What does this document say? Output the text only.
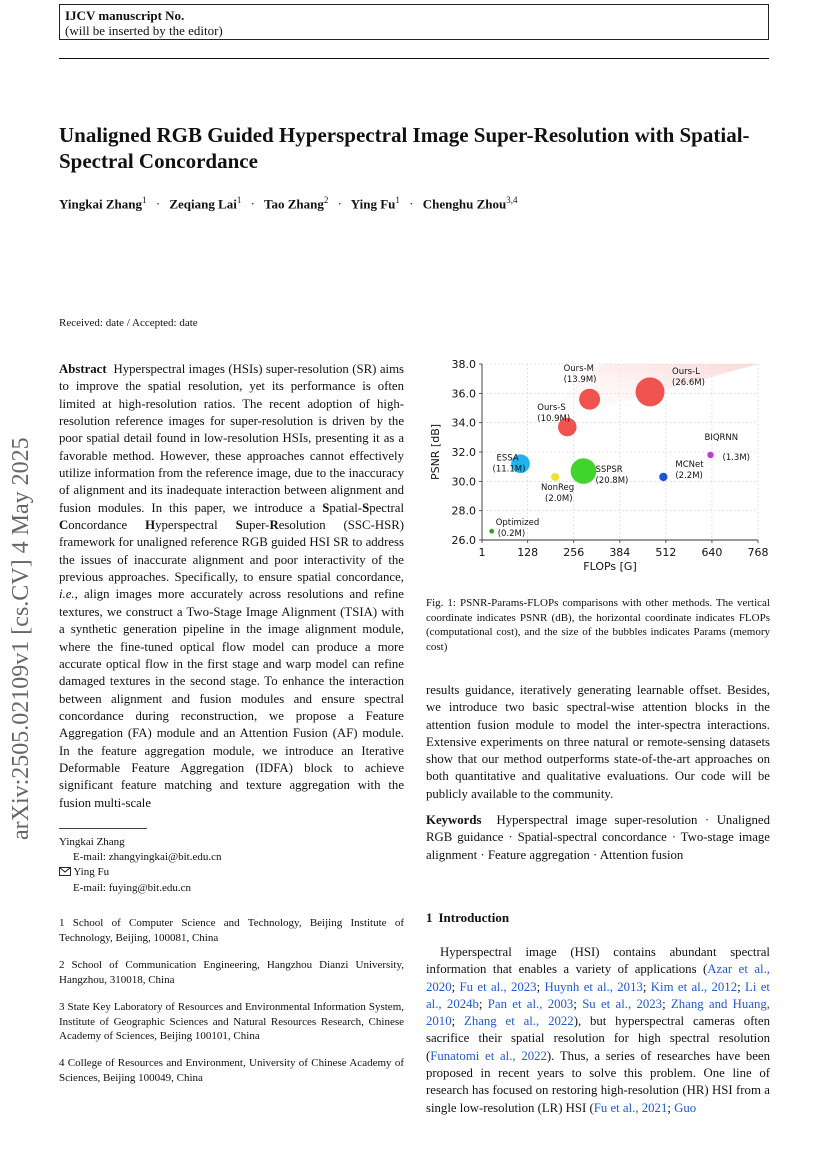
IJCV manuscript No.
(will be inserted by the editor)
Unaligned RGB Guided Hyperspectral Image Super-Resolution with Spatial-Spectral Concordance
Yingkai Zhang$^1$ · Zeqiang Lai$^1$ · Tao Zhang$^2$ · Ying $Fu^1$ · Chenghu Zhou$^{3,4}$
Received: date / Accepted: date
arXiv:2505.02109v1 [cs.CV] 4 May 2025
Abstract Hyperspectral images (HSIs) super-resolution (SR) aims to improve the spatial resolution, yet its performance is often limited at high-resolution ratios. The recent adoption of high-resolution reference images for super-resolution is driven by the poor spatial detail found in low-resolution HSIs, presenting it as a favorable method. However, these approaches cannot effectively utilize information from the reference image, due to the inaccuracy of alignment and its inadequate interaction between alignment and fusion modules. In this paper, we introduce a Spatial-Spectral Concordance Hyperspectral Super-Resolution (SSC-HSR) framework for unaligned reference RGB guided HSI SR to address the issues of inaccurate alignment and poor interactivity of the previous approaches. Specifically, to ensure spatial concordance, i.e., align images more accurately across resolutions and refine textures, we construct a Two-Stage Image Alignment (TSIA) with a synthetic generation pipeline in the image alignment module, where the fine-tuned optical flow model can produce a more accurate optical flow in the first stage and warp model can refine damaged textures in the second stage. To enhance the interaction between alignment and fusion modules and ensure spectral concordance during reconstruction, we propose a Feature Aggregation (FA) module and an Attention Fusion (AF) module. In the feature aggregation module, we introduce an Iterative Deformable Feature Aggregation (IDFA) block to achieve significant feature matching and texture aggregation with the fusion multi-scale
Yingkai Zhang
E-mail: zhangyingkai@bit.edu.cn
Ying Fu
E-mail: fuying@bit.edu.cn
1 School of Computer Science and Technology, Beijing Institute of Technology, Beijing, 100081, China
2 School of Communication Engineering, Hangzhou Dianzi University, Hangzhou, 310018, China
3 State Key Laboratory of Resources and Environmental Information System, Institute of Geographic Sciences and Natural Resources Research, Chinese Academy of Sciences, Beijing 100101, China
4 College of Resources and Environment, University of Chinese Academy of Sciences, Beijing 100049, China
26.0
28.0
30.0
32.0
34.0
36.0
38.0
1	128 256 384 512 640 768
FLOPs [G]
PSNR [dB]
Ours-M
(13.9M)
Ours-L
(26.6M)
Ours-S
(10.9M)
BIQRNN
(1.3M)
ESSA
(11.1M)
NonReg
(2.0M)
SSPSR
(20.8M)
MCNet
(2.2M)
Optimized
(0.2M)
Fig. 1: PSNR-Params-FLOPs comparisons with other methods. The vertical coordinate indicates PSNR (dB), the horizontal coordinate indicates FLOPs (computational cost), and the size of the bubbles indicates Params (memory cost)
results guidance, iteratively generating learnable offset. Besides, we introduce two basic spectral-wise attention blocks in the attention fusion module to model the inter-spectra interactions. Extensive experiments on three natural or remote-sensing datasets show that our method outperforms state-of-the-art approaches on both quantitative and qualitative evaluations. Our code will be publicly available to the community.
Keywords Hyperspectral image super-resolution · Unaligned RGB guidance · Spatial-spectral concordance · Two-stage image alignment · Feature aggregation · Attention fusion
1 Introduction
Hyperspectral image (HSI) contains abundant spectral information that enables a variety of applications (Azar et al., 2020; Fu et al., 2023; Huynh et al., 2013; Kim et al., 2012; Li et al., 2024b; Pan et al., 2003; Su et al., 2023; Zhang and Huang, 2010; Zhang et al., 2022), but hyperspectral cameras often sacrifice their spatial resolution for high spectral resolution (Funatomi et al., 2022). Thus, a series of researches have been proposed in recent years to solve this problem. One line of research has focused on restoring high-resolution (HR) HSI from a single low-resolution (LR) HSI (Fu et al., 2021; Guo
